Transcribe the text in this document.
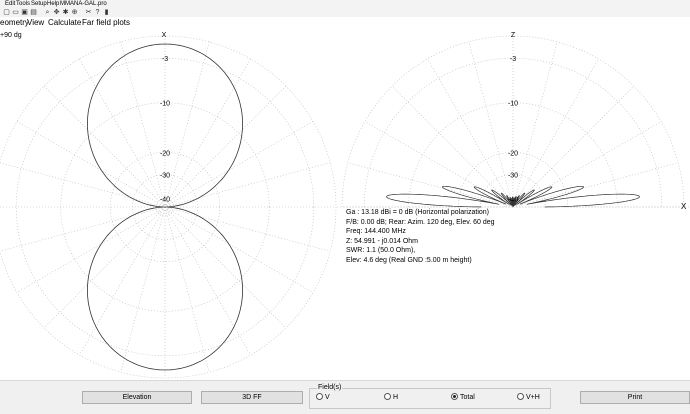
Edit Tools Setup Help MMANA-GAL.pro
▢ ▭ ▣ ▤ ⌕ ✥ ✱ ⊕ ✂ ? ▮
eometry
View Calculate Far field plots
-3
-10
-20
-30
-40
X
+90 dg
-3
-10
-20
-30
-40
Z
X
Ga : 13.18 dBi = 0 dB (Horizontal polarization)
F/B: 0.00 dB; Rear: Azim. 120 deg, Elev. 60 deg
Freq: 144.400 MHz
Z: 54.991 - j0.014 Ohm
SWR: 1.1 (50.0 Ohm),
Elev: 4.6 deg (Real GND :5.00 m height)
Elevation	3D FF
Field(s)
V	H	Total	V+H	Print
